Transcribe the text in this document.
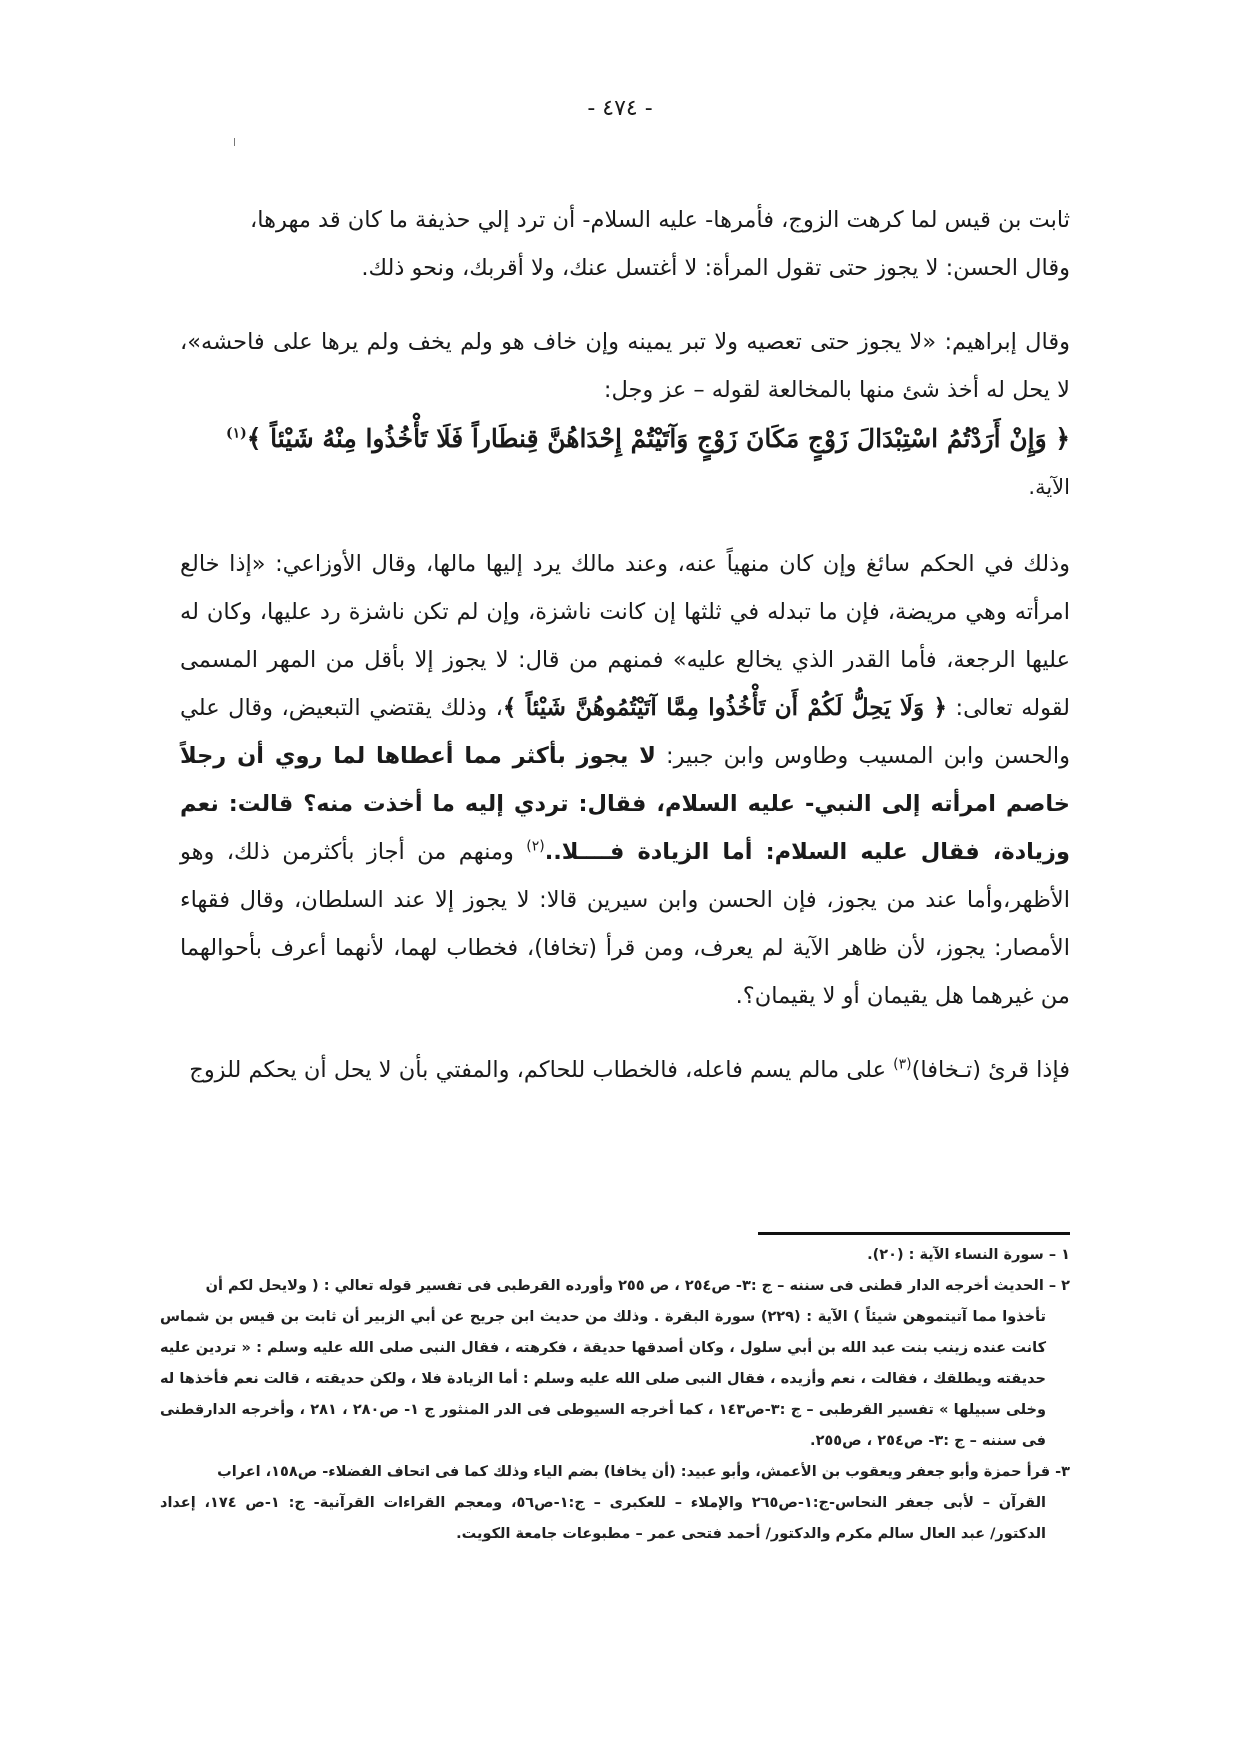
- ٤٧٤ -

ثابت بن قيس لما كرهت الزوج، فأمرها- عليه السلام- أن ترد إلي حذيفة ما كان قد مهرها،
وقال الحسن: لا يجوز حتى تقول المرأة: لا أغتسل عنك، ولا أقربك، ونحو ذلك.

وقال إبراهيم: «لا يجوز حتى تعصيه ولا تبر يمينه وإن خاف هو ولم يخف ولم يرها على فاحشه»، لا يحل له أخذ شئ منها بالمخالعة لقوله – عز وجل:

﴿ وَإِنْ أَرَدْتُمُ اسْتِبْدَالَ زَوْجٍ مَكَانَ زَوْجٍ وَآتَيْتُمْ إِحْدَاهُنَّ قِنطَاراً فَلَا تَأْخُذُوا مِنْهُ شَيْئاً ﴾$^{(١)}$ الآية.

وذلك في الحكم سائغ وإن كان منهياً عنه، وعند مالك يرد إليها مالها، وقال الأوزاعي: «إذا خالع امرأته وهي مريضة، فإن ما تبدله في ثلثها إن كانت ناشزة، وإن لم تكن ناشزة رد عليها، وكان له عليها الرجعة، فأما القدر الذي يخالع عليه» فمنهم من قال: لا يجوز إلا بأقل من المهر المسمى لقوله تعالى: ﴿ وَلَا يَحِلُّ لَكُمْ أَن تَأْخُذُوا مِمَّا آتَيْتُمُوهُنَّ شَيْئاً ﴾، وذلك يقتضي التبعيض، وقال علي والحسن وابن المسيب وطاوس وابن جبير: لا يجوز بأكثر مما أعطاها لما روي أن رجلاً خاصم امرأته إلى النبي- عليه السلام، فقال: تردي إليه ما أخذت منه؟ قالت: نعم وزيادة، فقال عليه السلام: أما الزيادة فــــلا..$^{(٢)}$ ومنهم من أجاز بأكثرمن ذلك، وهو الأظهر،وأما عند من يجوز، فإن الحسن وابن سيرين قالا: لا يجوز إلا عند السلطان، وقال فقهاء الأمصار: يجوز، لأن ظاهر الآية لم يعرف، ومن قرأ (تخافا)، فخطاب لهما، لأنهما أعرف بأحوالهما من غيرهما هل يقيمان أو لا يقيمان؟.

فإذا قرئ (تـخافا)$^{(٣)}$ على مالم يسم فاعله، فالخطاب للحاكم، والمفتي بأن لا يحل أن يحكم للزوج

١ – سورة النساء الآية : (٢٠).

٢ – الحديث أخرجه الدار قطنى فى سننه – ج :٣- ص٢٥٤ ، ص ٢٥٥ وأورده القرطبى فى تفسير قوله تعالي : ( ولايحل لكم أن

تأخذوا مما آتيتموهن شيئاً ) الآية : (٢٢٩) سورة البقرة . وذلك من حديث ابن جريح عن أبي الزبير أن ثابت بن قيس بن شماس كانت عنده زينب بنت عبد الله بن أبي سلول ، وكان أصدقها حديقة ، فكرهته ، فقال النبى صلى الله عليه وسلم : « تردين عليه حديقته ويطلقك ، فقالت ، نعم وأزيده ، فقال النبى صلى الله عليه وسلم : أما الزيادة فلا ، ولكن حديقته ، قالت نعم فأخذها له وخلى سبيلها » تفسير القرطبى – ج :٣-ص١٤٣ ، كما أخرجه السيوطى فى الدر المنثور ج ١- ص٢٨٠ ، ٢٨١ ، وأخرجه الدارقطنى فى سننه – ج :٣- ص٢٥٤ ، ص٢٥٥.

٣- قرأ حمزة وأبو جعفر ويعقوب بن الأعمش، وأبو عبيد: (أن يخافا) بضم الياء وذلك كما فى اتحاف الفضلاء- ص١٥٨، اعراب

القرآن – لأبى جعفر النحاس-ج:١-ص٢٦٥ والإملاء – للعكبرى – ج:١-ص٥٦، ومعجم القراءات القرآنية- ج: ١-ص ١٧٤، إعداد الدكتور/ عبد العال سالم مكرم والدكتور/ أحمد فتحى عمر – مطبوعات جامعة الكويت.
